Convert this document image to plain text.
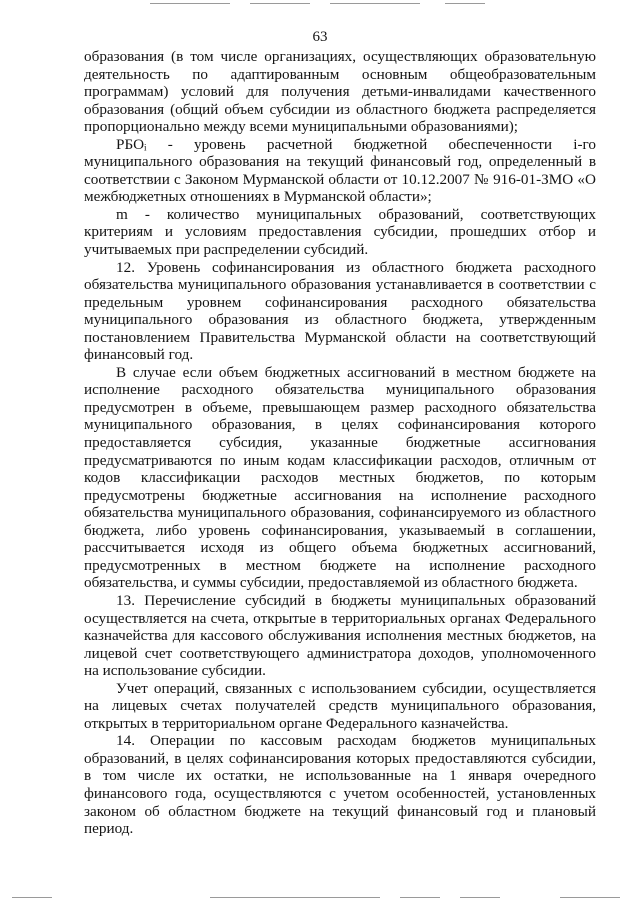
63

образования (в том числе организациях, осуществляющих образовательную деятельность по адаптированным основным общеобразовательным программам) условий для получения детьми-инвалидами качественного образования (общий объем субсидии из областного бюджета распределяется пропорционально между всеми муниципальными образованиями);

РБОᵢ - уровень расчетной бюджетной обеспеченности i-го муниципального образования на текущий финансовый год, определенный в соответствии с Законом Мурманской области от 10.12.2007 № 916-01-ЗМО «О межбюджетных отношениях в Мурманской области»;

m - количество муниципальных образований, соответствующих критериям и условиям предоставления субсидии, прошедших отбор и учитываемых при распределении субсидий.

12. Уровень софинансирования из областного бюджета расходного обязательства муниципального образования устанавливается в соответствии с предельным уровнем софинансирования расходного обязательства муниципального образования из областного бюджета, утвержденным постановлением Правительства Мурманской области на соответствующий финансовый год.

В случае если объем бюджетных ассигнований в местном бюджете на исполнение расходного обязательства муниципального образования предусмотрен в объеме, превышающем размер расходного обязательства муниципального образования, в целях софинансирования которого предоставляется субсидия, указанные бюджетные ассигнования предусматриваются по иным кодам классификации расходов, отличным от кодов классификации расходов местных бюджетов, по которым предусмотрены бюджетные ассигнования на исполнение расходного обязательства муниципального образования, софинансируемого из областного бюджета, либо уровень софинансирования, указываемый в соглашении, рассчитывается исходя из общего объема бюджетных ассигнований, предусмотренных в местном бюджете на исполнение расходного обязательства, и суммы субсидии, предоставляемой из областного бюджета.

13. Перечисление субсидий в бюджеты муниципальных образований осуществляется на счета, открытые в территориальных органах Федерального казначейства для кассового обслуживания исполнения местных бюджетов, на лицевой счет соответствующего администратора доходов, уполномоченного на использование субсидии.

Учет операций, связанных с использованием субсидии, осуществляется на лицевых счетах получателей средств муниципального образования, открытых в территориальном органе Федерального казначейства.

14. Операции по кассовым расходам бюджетов муниципальных образований, в целях софинансирования которых предоставляются субсидии, в том числе их остатки, не использованные на 1 января очередного финансового года, осуществляются с учетом особенностей, установленных законом об областном бюджете на текущий финансовый год и плановый период.
